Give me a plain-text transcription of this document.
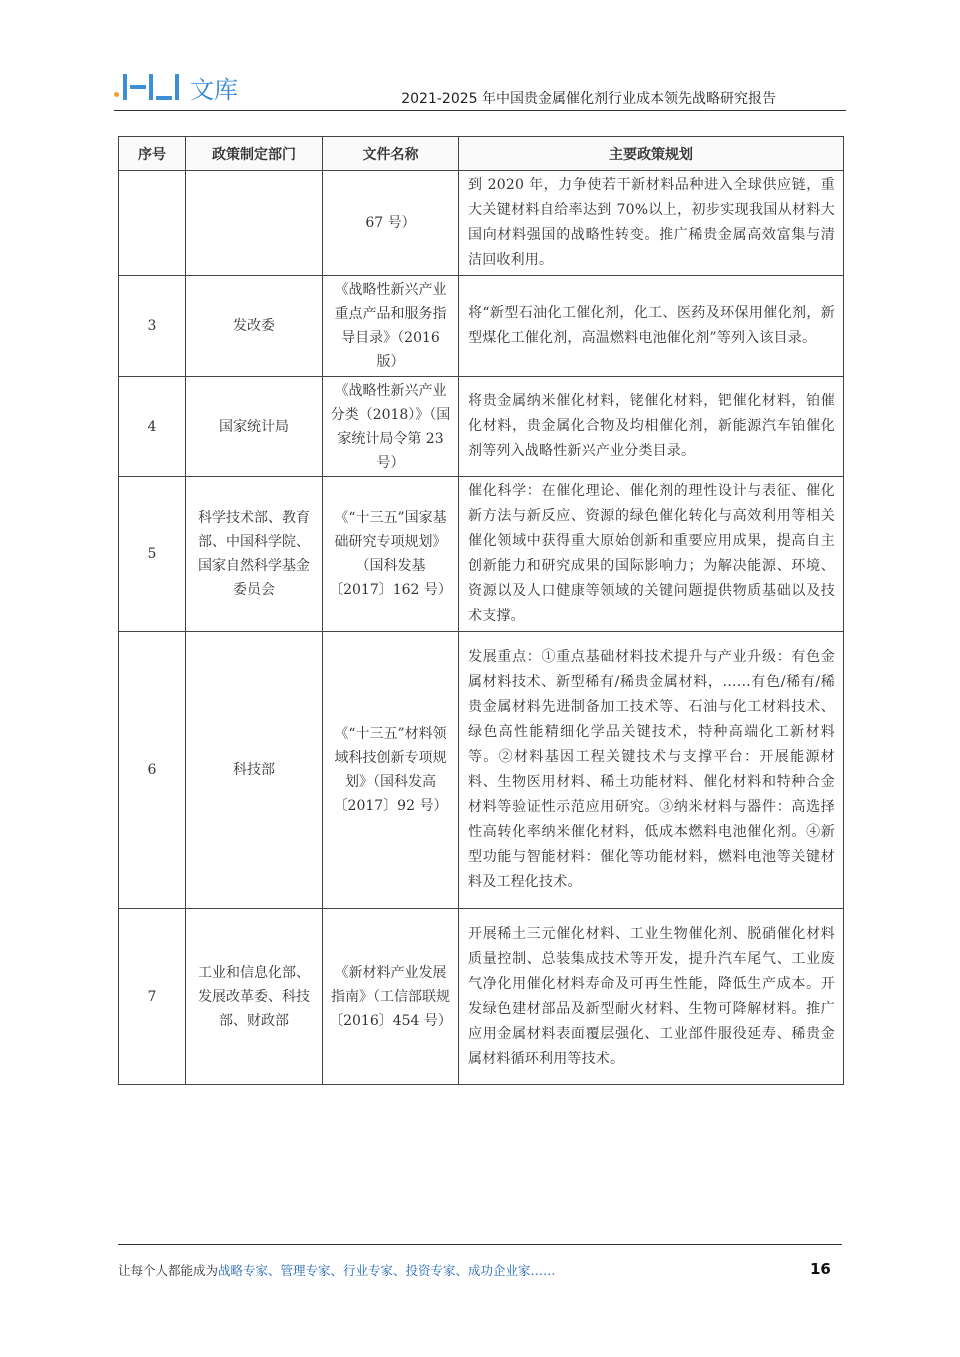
文库	2021-2025 年中国贵金属催化剂行业成本领先战略研究报告
序号	政策制定部门	文件名称	主要政策规划
		67 号）	到 2020 年，力争使若干新材料品种进入全球供应链，重大关键材料自给率达到 70%以上，初步实现我国从材料大国向材料强国的战略性转变。推广稀贵金属高效富集与清洁回收利用。
3	发改委	《战略性新兴产业重点产品和服务指导目录》（2016 版）	将“新型石油化工催化剂，化工、医药及环保用催化剂，新型煤化工催化剂，高温燃料电池催化剂”等列入该目录。
4	国家统计局	《战略性新兴产业分类（2018）》（国家统计局令第 23 号）	将贵金属纳米催化材料，铑催化材料，钯催化材料，铂催化材料，贵金属化合物及均相催化剂，新能源汽车铂催化剂等列入战略性新兴产业分类目录。
5	科学技术部、教育部、中国科学院、国家自然科学基金委员会	《“十三五”国家基础研究专项规划》（国科发基〔2017〕162 号）	催化科学：在催化理论、催化剂的理性设计与表征、催化新方法与新反应、资源的绿色催化转化与高效利用等相关催化领域中获得重大原始创新和重要应用成果，提高自主创新能力和研究成果的国际影响力；为解决能源、环境、资源以及人口健康等领域的关键问题提供物质基础以及技术支撑。
6	科技部	《“十三五”材料领域科技创新专项规划》（国科发高〔2017〕92 号）	发展重点：①重点基础材料技术提升与产业升级：有色金属材料技术、新型稀有/稀贵金属材料，……有色/稀有/稀贵金属材料先进制备加工技术等、石油与化工材料技术、绿色高性能精细化学品关键技术，特种高端化工新材料等。②材料基因工程关键技术与支撑平台：开展能源材料、生物医用材料、稀土功能材料、催化材料和特种合金材料等验证性示范应用研究。③纳米材料与器件：高选择性高转化率纳米催化材料，低成本燃料电池催化剂。④新型功能与智能材料：催化等功能材料，燃料电池等关键材料及工程化技术。
7	工业和信息化部、发展改革委、科技部、财政部	《新材料产业发展指南》（工信部联规〔2016〕454 号）	开展稀土三元催化材料、工业生物催化剂、脱硝催化材料质量控制、总装集成技术等开发，提升汽车尾气、工业废气净化用催化材料寿命及可再生性能，降低生产成本。开发绿色建材部品及新型耐火材料、生物可降解材料。推广应用金属材料表面覆层强化、工业部件服役延寿、稀贵金属材料循环利用等技术。
让每个人都能成为战略专家、管理专家、行业专家、投资专家、成功企业家……	16
